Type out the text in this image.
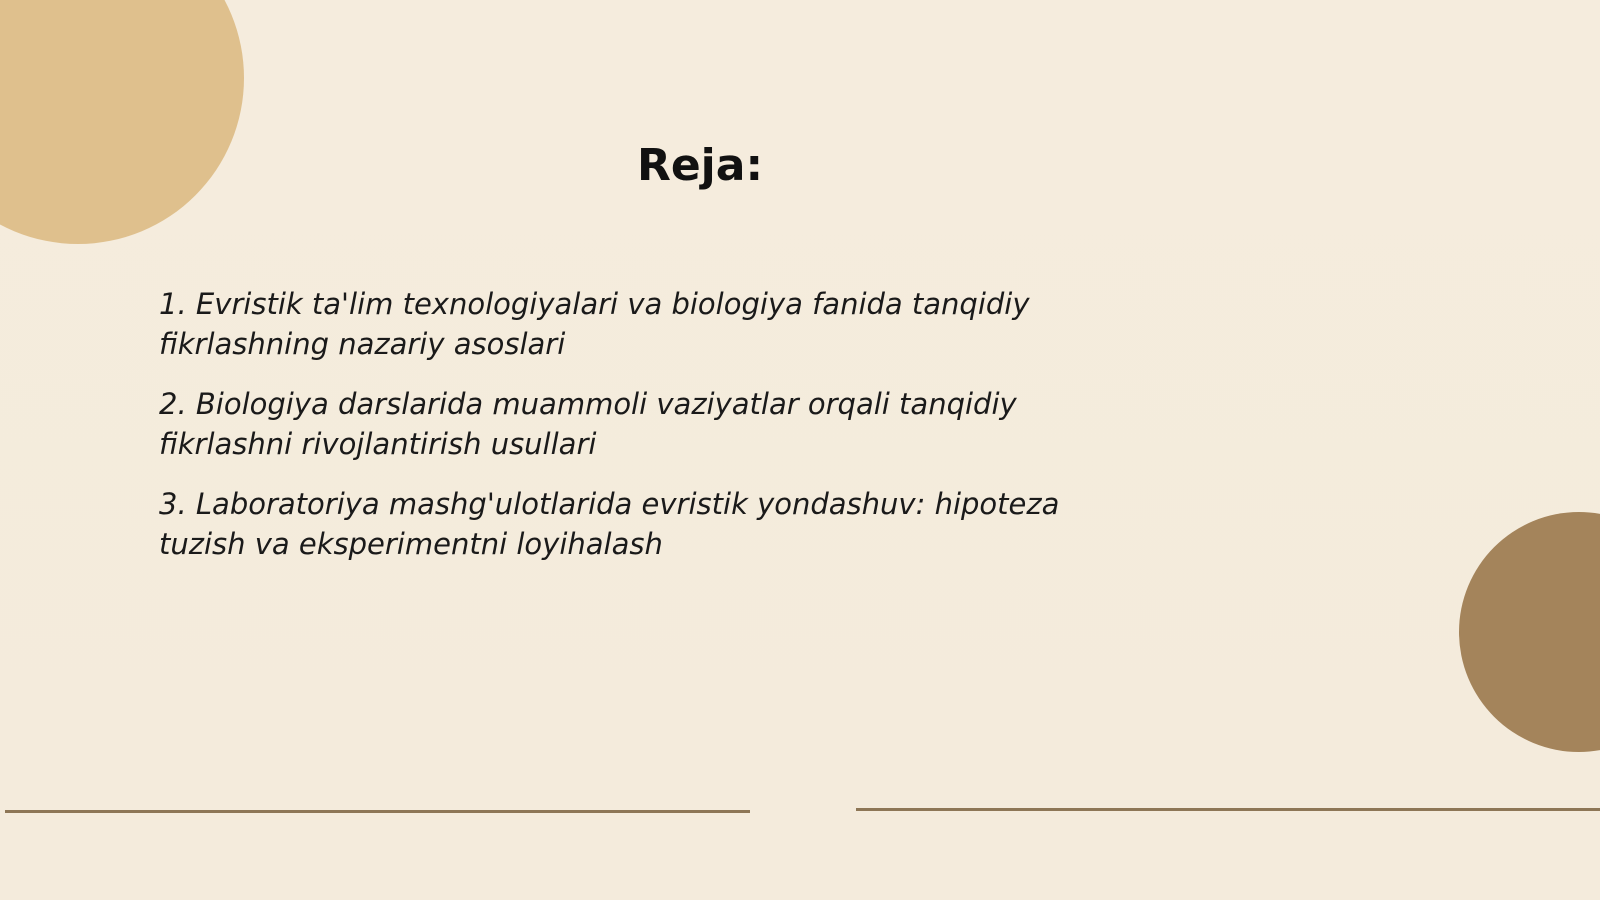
Reja:
1. Evristik ta'lim texnologiyalari va biologiya fanida tanqidiy fikrlashning nazariy asoslari
2. Biologiya darslarida muammoli vaziyatlar orqali tanqidiy fikrlashni rivojlantirish usullari
3. Laboratoriya mashg'ulotlarida evristik yondashuv: hipoteza tuzish va eksperimentni loyihalash
